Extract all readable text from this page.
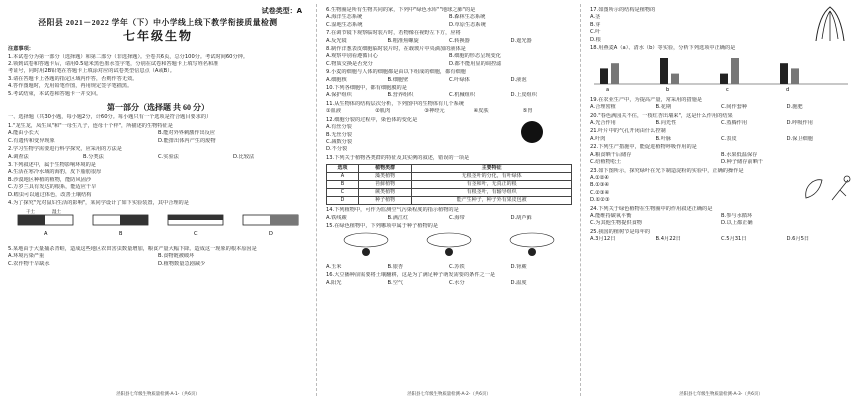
试卷类型：A
泾阳县 2021－2022 学年（下）中小学线上线下教学衔接质量检测
七年级生物
注意事项：
1.本试卷分为第一部分（选择题）和第二部分（非选择题）。全卷共6页，总分100分。考试时间60分钟。
2.领到试卷和答题卡后，请用0.5毫米黑色墨水签字笔，分别在试卷和答题卡上填写姓名和准
考证号，同时用2B铅笔在答题卡上填涂对应的试卷类型信息点（A或B）。
3.请在答题卡上各题的指定区域内作答，否则作答无效。
4.答作图题时，先用铅笔作图，再用规定签字笔描黑。
5.考试结束，本试卷和答题卡一并交回。
第一部分（选择题 共 60 分）
一、选择题（共30小题，每小题2分，计60分。每小题只有一个选项是符合题目要求的）
1."龙生龙，凤生凤"和"一母生九子，连母十个样"，所描述的生物特征是
A.能由小长大	B.能对外界刺激作出反应
C.有遗传和变异现象	D.能排出体内产生的废物
2.学习生物学需要进行科学探究，应采用的方法是
A.调查法	B.分类法	C.实验法	D.比较法
3.下列叙述中，属于生物影响环境的是
A.生活在寒冷水域的海豹，皮下脂肪很厚
B.沙漠地区种植的植物，能防风固沙
C.万岁兰具有发达的根系，能适应干旱
D.蝗虫可以通过体色，改善土壤结构
4.为了探究"光对鼠妇生活的影响"，某同学设计了如下实验装置，其中合理的是
干土	湿土
A	B	C	D
5.某地由于大量捕杀青蛙，造成这些地区农田害虫数量增加，粮食产量大幅下降。造成这一现象的根本原因是
A.环境污染严重	B.食物链被破坏
C.农作物干旱缺水	D.植物数量急剧减少
泾阳县七年级生物质量检测-A-1-（共6页）
6.生物圈是所有生物共同的家，下列中"绿色水库""地球之肺"的是
A.海洋生态系统	B.森林生态系统
C.湿地生态系统	D.草原生态系统
7.在调节镜下观察临时装片时，若物像在视野左下方，应将
A.反光镜	B.粗准焦螺旋	C.转换器	D.遮光器
8.制作洋葱表皮细胞临时装片时，在载玻片中央滴加的液体是
A.观察中别看遵循目心	B.细胞的形态呈现变化
C.物质交换是否充分	D.都不能用显的调控滤
9.小麦的细胞与人体的细胞都是由以下组成的细胞，都有细胞
A.细胞核	B.细胞壁	C.叶绿体	D.液泡
10.下列各细胞中，都有细胞膜的是
A.保护组织	B.营养组织	C.机械组织	D.上皮组织
11.从生物体的结构层次分析，下列图中的生物体有几个系统
①血液	②肌肉	③神经元	④皮肤	⑤胃
12.细胞分裂的过程中，染色体的变化是
A.有丝分裂
B.无丝分裂
C.减数分裂
D.不分裂
13.下列关于植物各类群的特征及其实例的叙述，错误的一项是
选项	植物类群	主要特征
A	藻类植物	无根茎叶的分化，有叶绿体
B	苔藓植物	有茎和叶，无真正的根
C	蕨类植物	有根茎叶，有输导组织
D	种子植物	能产生种子，种子外有果皮包被
14.下列植物中，可作为监测空气污染程度的指示植物的是
A.铁线蕨	B.满江红	C.海带	D.葫芦藓
15.在绿色植物中，下列哪项中属于种子植物的是
A.玉米	B.银杏	C.苏铁	D.肾蕨
16.大豆播种前需要将土壤翻耕，这是为了满足种子萌发需要的条件之一是
A.阳光	B.空气	C.水分	D.温度
泾阳县七年级生物质量检测-A-2-（共6页）
17.如图所示的结构是植物的
A.茎
B.芽
C.叶
D.根
18.用燕麦A（a）、清水（b）等实验，分析下列选项中正确的是
a	b	c	d
19.在农业生产中，为提高产量，常采用的措施是
A.合理密植	B.花期	C.间作套种	D.施肥
20."春色满园关不住，一枝红杏出墙来"，这是什么作用的结果
A.光合作用	B.向光性	C.蒸腾作用	D.呼吸作用
21.叶片中的气孔开闭由什么控制
A.叶肉	B.叶脉	C.表皮	D.保卫细胞
22.下列生产措施中，能促进植物呼吸作用的是
A.粮食晒干后储存	B.水果低温保存
C.给植物松土	D.种子储存前晒干
23.如下图所示，探究绿叶在光下制造淀粉的实验中，正确的操作是
A.①②④
B.①③④
C.②③④
D.①②③
24.下列关于绿色植物在生物圈中的作用叙述正确的是
A.能维持碳氧平衡	B.参与水循环
C.为其他生物提供食物	D.以上都正确
25.我国的植树节是每年的
A.3月12日	B.4月22日	C.5月31日	D.6月5日
泾阳县七年级生物质量检测-A-3-（共6页）
